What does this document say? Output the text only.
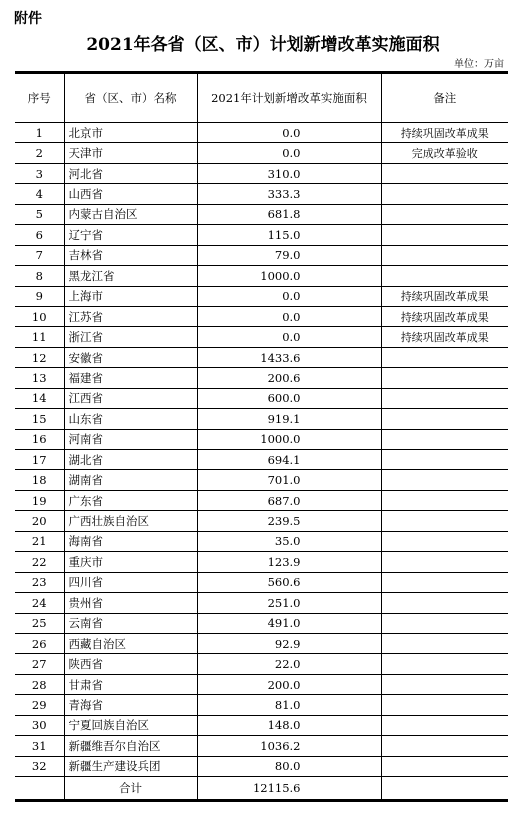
附件
2021年各省（区、市）计划新增改革实施面积
单位：万亩
序号	省（区、市）名称	2021年计划新增改革实施面积	备注
1	北京市	0.0	持续巩固改革成果
2	天津市	0.0	完成改革验收
3	河北省	310.0	
4	山西省	333.3	
5	内蒙古自治区	681.8	
6	辽宁省	115.0	
7	吉林省	79.0	
8	黑龙江省	1000.0	
9	上海市	0.0	持续巩固改革成果
10	江苏省	0.0	持续巩固改革成果
11	浙江省	0.0	持续巩固改革成果
12	安徽省	1433.6	
13	福建省	200.6	
14	江西省	600.0	
15	山东省	919.1	
16	河南省	1000.0	
17	湖北省	694.1	
18	湖南省	701.0	
19	广东省	687.0	
20	广西壮族自治区	239.5	
21	海南省	35.0	
22	重庆市	123.9	
23	四川省	560.6	
24	贵州省	251.0	
25	云南省	491.0	
26	西藏自治区	92.9	
27	陕西省	22.0	
28	甘肃省	200.0	
29	青海省	81.0	
30	宁夏回族自治区	148.0	
31	新疆维吾尔自治区	1036.2	
32	新疆生产建设兵团	80.0	
	合计	12115.6	
